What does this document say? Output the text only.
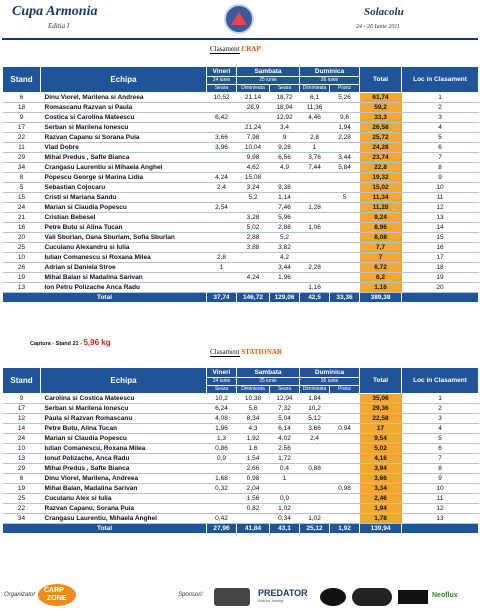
Cupa Armonia
Editia I
Solacolu
24 - 26 Iunie 2011
Clasament CRAP
Stand	Echipa	Vineri	Sambata		Duminica		Total	Loc in Clasament
		24 iunie	25 iunie		26 iunie			
		Seara	Diminieata	Seara	Diminieata	Pranz		
6	Dinu Viorel, Marilena si Andreea	10,52	21,14	18,72	6,1	5,26	61,74	1
18	Romascanu Razvan si Paula		28,9	18,94	11,36		59,2	2
9	Costica si Carolina Mateescu	6,42		12,92	4,46	9,6	33,3	3
17	Serban si Marilena Ionescu		21,24	3,4		1,94	26,58	4
22	Razvan Capanu si Sorana Puia	3,66	7,98	9	2,8	2,28	25,72	5
11	Vlad Dobre	3,96	10,04	9,28	1		24,28	6
29	Mihai Predus , Safte Bianca		9,98	6,56	3,76	3,44	23,74	7
34	Crangasu Laurentiu si Mihaela Anghel		4,62	4,9	7,44	5,84	22,8	8
8	Popescu George si Marina Lidia	4,24	15,08				19,32	9
5	Sebastian Cojocaru	2,4	3,24	9,38			15,02	10
15	Cristi si Mariana Sandu		5,2	1,14		5	11,34	11
24	Marian si Claudia Popescu	2,54		7,46	1,28		11,28	12
21	Cristian Bebesel		3,28	5,96			9,24	13
16	Petre Butu si Alina Tucan		5,02	2,88	1,06		8,96	14
20	Vali Sburlan, Oana Sburlam, Sofia Sburlan		2,88	5,2			8,08	15
25	Cuculanu Alexandru si Iulia		3,88	3,82			7,7	16
10	Iulian Comanescu si Roxana Milea	2,8		4,2			7	17
26	Adrian si Daniela Stroe	1		3,44	2,28		6,72	18
19	Mihai Balan si Madalina Sarivan		4,24	1,96			6,2	19
13	Ion Petru Polizache Anca Radu				1,16		1,16	20
Total		37,74	146,72	129,06	42,5	33,36	389,38	
Captura - Stand 21 - 5,96 kg
Clasament STATIONAR
Stand	Echipa	Vineri	Sambata		Duminica		Total	Loc in Clasament
		24 iunie	25 iunie		26 iunie			
		Seara	Diminieata	Seara	Diminieata	Pranz		
9	Carolina si Costica Mateescu	10,2	10,38	12,94	1,84		35,06	1
17	Serban si Marilena Ionescu	6,24	5,6	7,32	10,2		29,36	2
12	Paula si Razvan Romascanu	4,08	8,34	5,04	5,12		22,58	3
14	Petre Butu, Alina Tucan	1,96	4,3	6,14	3,66	0,94	17	4
24	Marian si Claudia Popescu	1,3	1,92	4,02	2,4		9,54	5
10	Iulian Comanescu, Roxana Milea	0,86	1,6	2,56			5,02	6
13	Ionut Polizache, Anca Radu	0,9	1,54	1,72			4,16	7
29	Mihai Predus , Safte Bianca		2,66	0,4	0,88		3,94	8
6	Dinu Viorel, Marilena, Andreea	1,68	0,98	1			3,66	9
19	Mihai Balan, Madalina Sarivan	0,32	2,04			0,98	3,34	10
25	Cuculanu Alex si Iulia		1,56	0,9			2,46	11
22	Razvan Capanu, Sorana Puia		0,82	1,02			1,94	12
34	Crangasu Laurentiu, Mihaela Anghel	0,42		0,34	1,02		1,78	13
Total		27,96	41,84	43,1	25,12	1,92	139,94	
Organizator
CARP
ZONE	Sponsori:	PREDATOR
Bait for fishing
Neoflux
